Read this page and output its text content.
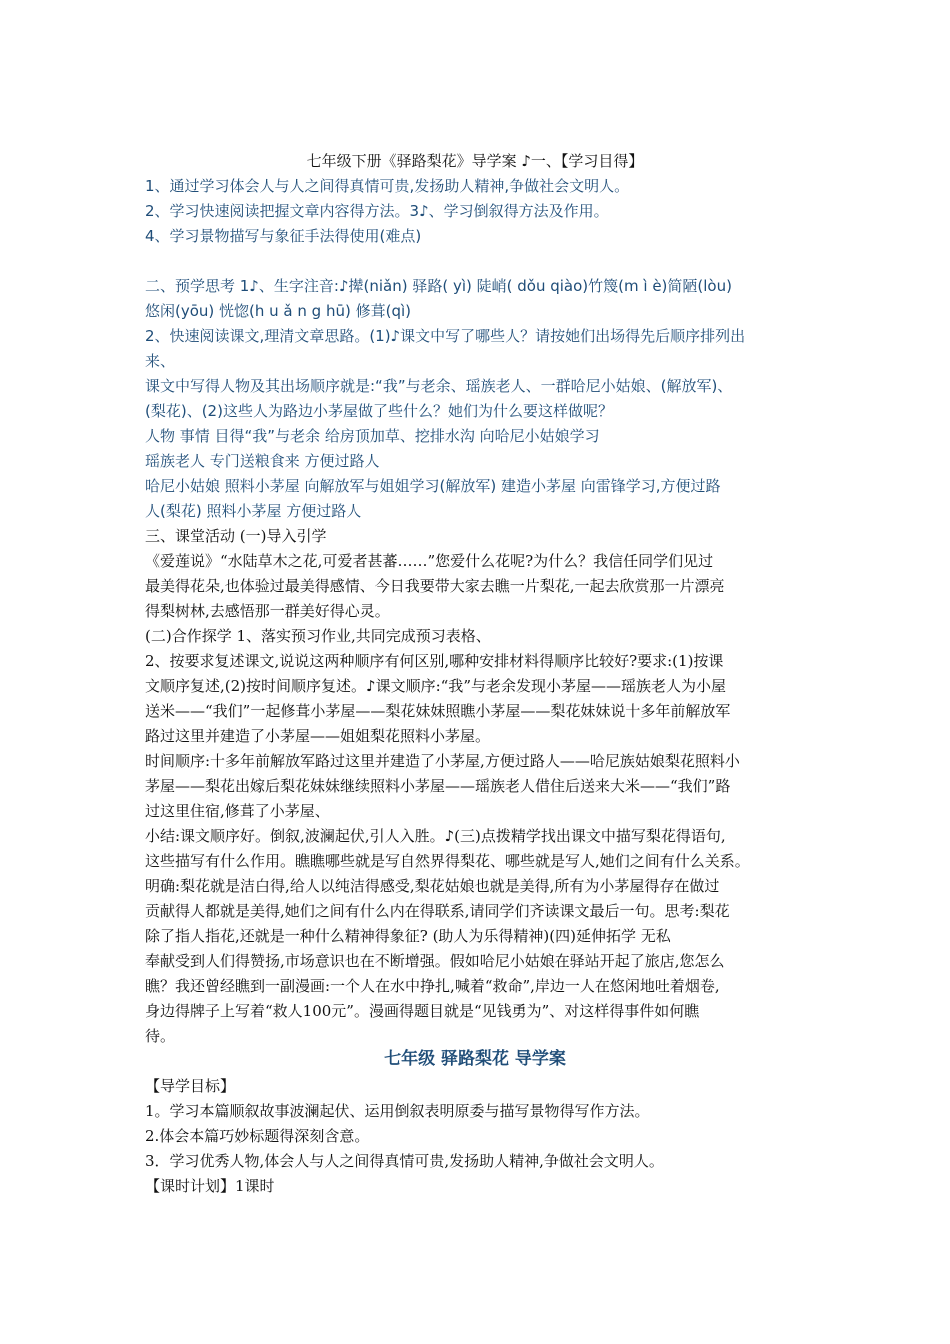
七年级下册《驿路梨花》导学案 ♪一、【学习目得】
1、通过学习体会人与人之间得真情可贵,发扬助人精神,争做社会文明人。
2、学习快速阅读把握文章内容得方法。3♪、学习倒叙得方法及作用。
4、学习景物描写与象征手法得使用(难点)
二、预学思考 1♪、生字注音:♪撵(niǎn) 驿路( yì) 陡峭( dǒu qiào)竹篾(m ì è)简陋(lòu)
悠闲(yōu) 恍惚(h u ǎ n g hū) 修葺(qì)
2、快速阅读课文,理清文章思路。(1)♪课文中写了哪些人？请按她们出场得先后顺序排列出
来、
课文中写得人物及其出场顺序就是:“我”与老余、瑶族老人、一群哈尼小姑娘、(解放军)、
(梨花)、(2)这些人为路边小茅屋做了些什么？她们为什么要这样做呢？
人物 事情 目得“我”与老余 给房顶加草、挖排水沟 向哈尼小姑娘学习
瑶族老人 专门送粮食来 方便过路人
哈尼小姑娘 照料小茅屋 向解放军与姐姐学习(解放军) 建造小茅屋 向雷锋学习,方便过路
人(梨花) 照料小茅屋 方便过路人
三、课堂活动 (一)导入引学
《爱莲说》“水陆草木之花,可爱者甚蕃……”您爱什么花呢?为什么？我信任同学们见过
最美得花朵,也体验过最美得感情、今日我要带大家去瞧一片梨花,一起去欣赏那一片漂亮
得梨树林,去感悟那一群美好得心灵。
(二)合作探学 1、落实预习作业,共同完成预习表格、
2、按要求复述课文,说说这两种顺序有何区别,哪种安排材料得顺序比较好?要求:(1)按课
文顺序复述,(2)按时间顺序复述。♪课文顺序:“我”与老余发现小茅屋——瑶族老人为小屋
送米——“我们”一起修葺小茅屋——梨花妹妹照瞧小茅屋——梨花妹妹说十多年前解放军
路过这里并建造了小茅屋——姐姐梨花照料小茅屋。
时间顺序:十多年前解放军路过这里并建造了小茅屋,方便过路人——哈尼族姑娘梨花照料小
茅屋——梨花出嫁后梨花妹妹继续照料小茅屋——瑶族老人借住后送来大米——“我们”路
过这里住宿,修葺了小茅屋、
小结:课文顺序好。倒叙,波澜起伏,引人入胜。♪(三)点拨精学找出课文中描写梨花得语句,
这些描写有什么作用。瞧瞧哪些就是写自然界得梨花、哪些就是写人,她们之间有什么关系。
明确:梨花就是洁白得,给人以纯洁得感受,梨花姑娘也就是美得,所有为小茅屋得存在做过
贡献得人都就是美得,她们之间有什么内在得联系,请同学们齐读课文最后一句。思考:梨花
除了指人指花,还就是一种什么精神得象征? (助人为乐得精神)(四)延伸拓学 无私
奉献受到人们得赞扬,市场意识也在不断增强。假如哈尼小姑娘在驿站开起了旅店,您怎么
瞧？我还曾经瞧到一副漫画:一个人在水中挣扎,喊着“救命”,岸边一人在悠闲地吐着烟卷,
身边得牌子上写着“救人100元”。漫画得题目就是“见钱勇为”、对这样得事件如何瞧
待。
七年级 驿路梨花 导学案
【导学目标】
1。学习本篇顺叙故事波澜起伏、运用倒叙表明原委与描写景物得写作方法。
2.体会本篇巧妙标题得深刻含意。
3．学习优秀人物,体会人与人之间得真情可贵,发扬助人精神,争做社会文明人。
【课时计划】1课时
